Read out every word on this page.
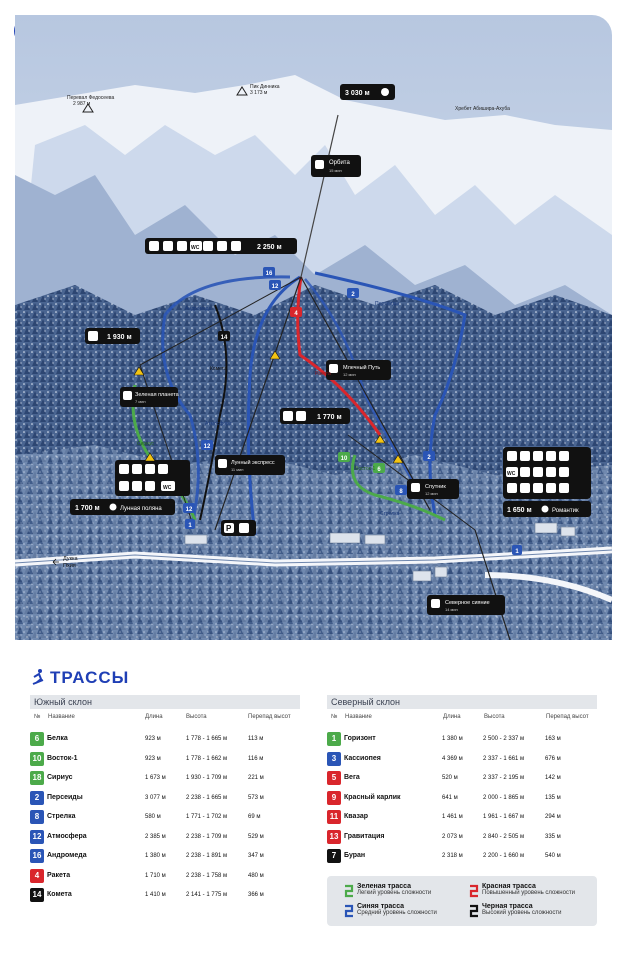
Перевал Федосеева
2 987 м
Пик Динника
3 173 м
Хребет Абишира-Ахуба
3 030 м
Орбита
15 мин
WC	2 250 м
1 930 м
Зеленая планета
7 мин
Млечный Путь
12 мин
1 770 м
Лунный экспресс
11 мин
WC
1 700 м	Лунная поляна
Спутник
12 мин
WC
1 650 м	Романтик
Северное сияние
14 мин
P
16
12
2
4
14
12
12
10
8
6
2
1
1
Персеиды
Ракета
Андромеда
Атмосфера
Комета
Стрелка
Восток-1
Сириус
Дукка
Пхия
ТРАССЫ
Южный склон
№ Название	Длина	Высота	Перепад высот
6	Белка	923 м	1 778 - 1 665 м	113 м
10 Восток-1	923 м	1 778 - 1 662 м	116 м
18 Сириус	1 673 м	1 930 - 1 709 м	221 м
2	Персеиды	3 077 м	2 238 - 1 665 м	573 м
8	Стрелка	580 м	1 771 - 1 702 м	69 м
12 Атмосфера	2 385 м	2 238 - 1 709 м	529 м
16 Андромеда	1 380 м	2 238 - 1 891 м	347 м
4	Ракета	1 710 м	2 238 - 1 758 м	480 м
14 Комета	1 410 м	2 141 - 1 775 м	366 м
Северный склон
№ Название	Длина	Высота	Перепад высот
1	Горизонт	1 380 м	2 500 - 2 337 м	163 м
3	Кассиопея	4 369 м	2 337 - 1 661 м	676 м
5	Вега	520 м	2 337 - 2 195 м	142 м
9	Красный карлик	641 м	2 000 - 1 865 м	135 м
11 Квазар	1 461 м	1 961 - 1 667 м	294 м
13 Гравитация	2 073 м	2 840 - 2 505 м	335 м
7	Буран	2 318 м	2 200 - 1 660 м	540 м
Зеленая трасса
Легкий уровень сложности
Красная трасса
Повышенный уровень сложности
Синяя трасса
Средний уровень сложности
Черная трасса
Высокий уровень сложности
